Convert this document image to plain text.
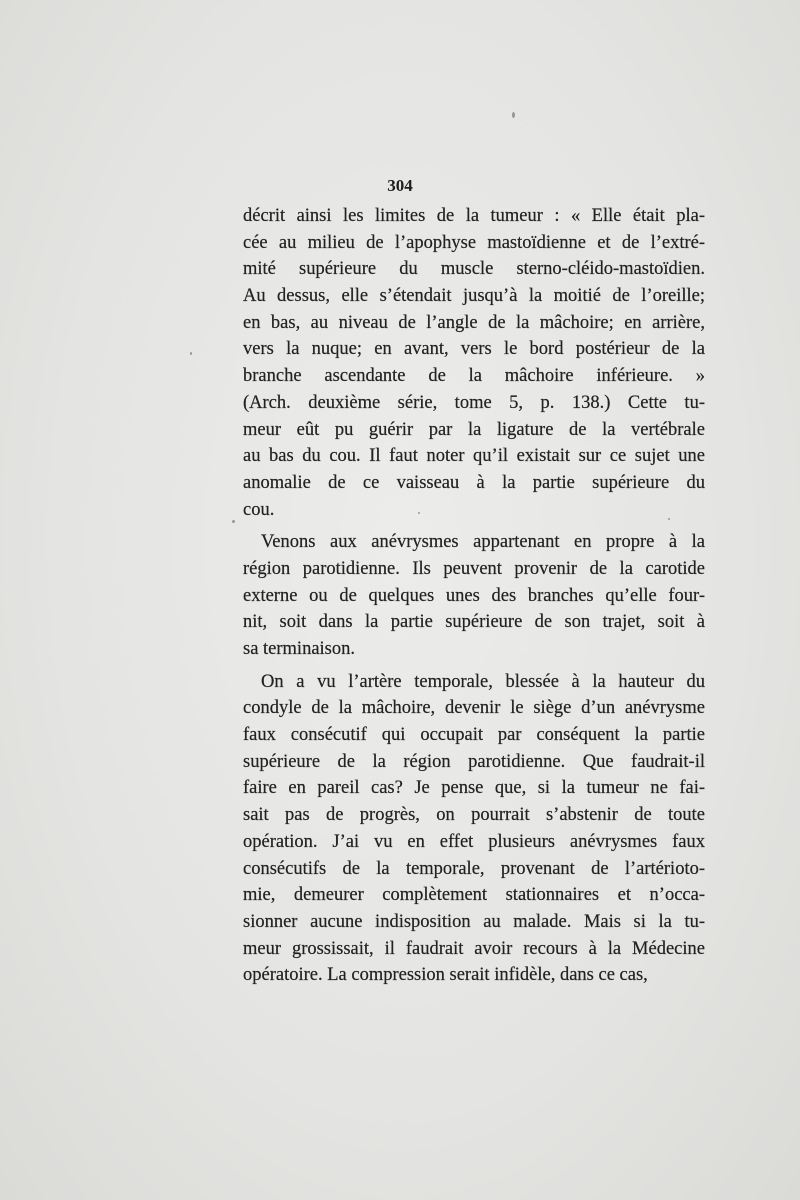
304
décrit ainsi les limites de la tumeur : « Elle était pla-
cée au milieu de l’apophyse mastoïdienne et de l’extré-
mité supérieure du muscle sterno-cléido-mastoïdien.
Au dessus, elle s’étendait jusqu’à la moitié de l’oreille;
en bas, au niveau de l’angle de la mâchoire; en arrière,
vers la nuque; en avant, vers le bord postérieur de la
branche ascendante de la mâchoire inférieure. »
(Arch. deuxième série, tome 5, p. 138.) Cette tu-
meur eût pu guérir par la ligature de la vertébrale
au bas du cou. Il faut noter qu’il existait sur ce sujet une
anomalie de ce vaisseau à la partie supérieure du
cou.
Venons aux anévrysmes appartenant en propre à la
région parotidienne. Ils peuvent provenir de la carotide
externe ou de quelques unes des branches qu’elle four-
nit, soit dans la partie supérieure de son trajet, soit à
sa terminaison.
On a vu l’artère temporale, blessée à la hauteur du
condyle de la mâchoire, devenir le siège d’un anévrysme
faux consécutif qui occupait par conséquent la partie
supérieure de la région parotidienne. Que faudrait-il
faire en pareil cas? Je pense que, si la tumeur ne fai-
sait pas de progrès, on pourrait s’abstenir de toute
opération. J’ai vu en effet plusieurs anévrysmes faux
consécutifs de la temporale, provenant de l’artérioto-
mie, demeurer complètement stationnaires et n’occa-
sionner aucune indisposition au malade. Mais si la tu-
meur grossissait, il faudrait avoir recours à la Médecine
opératoire. La compression serait infidèle, dans ce cas,
